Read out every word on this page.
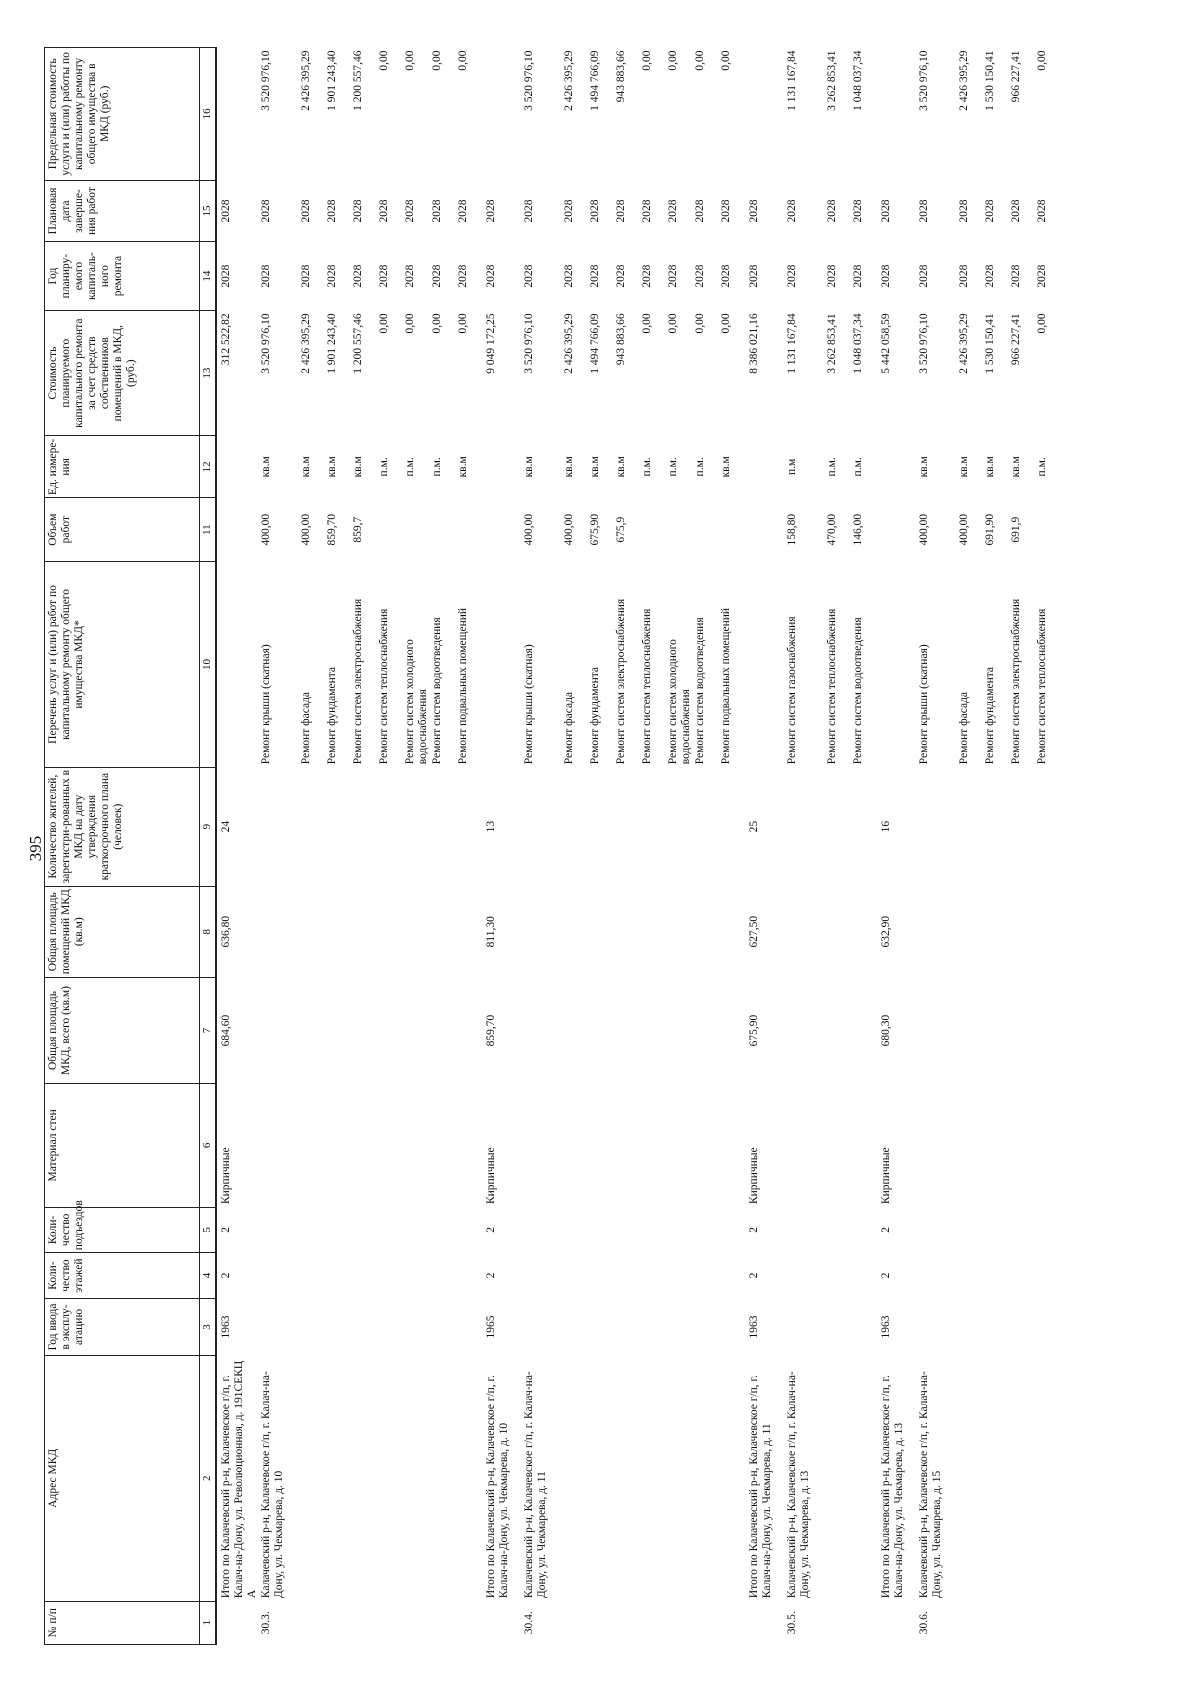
395
№ п/п	Адрес МКД	Год ввода в эксплу-атацию	Коли-чество этажей	Коли-чество подъездов	Материал стен	Общая площадь МКД, всего (кв.м)	Общая площадь помещений МКД (кв.м)	Количество жителей, зарегистри-рованных в МКД на дату утверждения краткосрочного плана (человек)	Перечень услуг и (или) работ по капитальному ремонту общего имущества МКД*	Объем работ	Ед. измере-ния	Стоимость планируемого капитального ремонта за счет средств собственников помещений в МКД, (руб.)	Год планиру-емого капиталь-ного ремонта	Плановая дата заверше-ния работ	Предельная стоимость услуги и (или) работы по капитальному ремонту общего имущества в МКД (руб.)
1	2	3	4	5	6	7	8	9	10	11	12	13	14	15	16
	Итого по Калачевский р-н, Калачевское г/п, г. Калач-на-Дону, ул. Революционная, д. 191СЕКЦ А	1963	2	2	Кирпичные	684,60	636,80	24				312 522,82	2028	2028	
30.3.	Калачевский р-н, Калачевское г/п, г. Калач-на-Дону, ул. Чекмарева, д. 10								Ремонт крыши (скатная)	400,00	кв.м	3 520 976,10	2028	2028	3 520 976,10
									Ремонт фасада	400,00	кв.м	2 426 395,29	2028	2028	2 426 395,29
									Ремонт фундамента	859,70	кв.м	1 901 243,40	2028	2028	1 901 243,40
									Ремонт систем электроснабжения	859,7	кв.м	1 200 557,46	2028	2028	1 200 557,46
									Ремонт систем теплоснабжения		п.м.	0,00	2028	2028	0,00
									Ремонт систем холодного водоснабжения		п.м.	0,00	2028	2028	0,00
									Ремонт систем водоотведения		п.м.	0,00	2028	2028	0,00
									Ремонт подвальных помещений		кв.м	0,00	2028	2028	0,00
	Итого по Калачевский р-н, Калачевское г/п, г. Калач-на-Дону, ул. Чекмарева, д. 10	1965	2	2	Кирпичные	859,70	811,30	13				9 049 172,25	2028	2028	
30.4.	Калачевский р-н, Калачевское г/п, г. Калач-на-Дону, ул. Чекмарева, д. 11								Ремонт крыши (скатная)	400,00	кв.м	3 520 976,10	2028	2028	3 520 976,10
									Ремонт фасада	400,00	кв.м	2 426 395,29	2028	2028	2 426 395,29
									Ремонт фундамента	675,90	кв.м	1 494 766,09	2028	2028	1 494 766,09
									Ремонт систем электроснабжения	675,9	кв.м	943 883,66	2028	2028	943 883,66
									Ремонт систем теплоснабжения		п.м.	0,00	2028	2028	0,00
									Ремонт систем холодного водоснабжения		п.м.	0,00	2028	2028	0,00
									Ремонт систем водоотведения		п.м.	0,00	2028	2028	0,00
									Ремонт подвальных помещений		кв.м	0,00	2028	2028	0,00
	Итого по Калачевский р-н, Калачевское г/п, г. Калач-на-Дону, ул. Чекмарева, д. 11	1963	2	2	Кирпичные	675,90	627,50	25				8 386 021,16	2028	2028	
30.5.	Калачевский р-н, Калачевское г/п, г. Калач-на-Дону, ул. Чекмарева, д. 13								Ремонт систем газоснабжения	158,80	п.м	1 131 167,84	2028	2028	1 131 167,84
									Ремонт систем теплоснабжения	470,00	п.м.	3 262 853,41	2028	2028	3 262 853,41
									Ремонт систем водоотведения	146,00	п.м.	1 048 037,34	2028	2028	1 048 037,34
	Итого по Калачевский р-н, Калачевское г/п, г. Калач-на-Дону, ул. Чекмарева, д. 13	1963	2	2	Кирпичные	680,30	632,90	16				5 442 058,59	2028	2028	
30.6.	Калачевский р-н, Калачевское г/п, г. Калач-на-Дону, ул. Чекмарева, д. 15								Ремонт крыши (скатная)	400,00	кв.м	3 520 976,10	2028	2028	3 520 976,10
									Ремонт фасада	400,00	кв.м	2 426 395,29	2028	2028	2 426 395,29
									Ремонт фундамента	691,90	кв.м	1 530 150,41	2028	2028	1 530 150,41
									Ремонт систем электроснабжения	691,9	кв.м	966 227,41	2028	2028	966 227,41
									Ремонт систем теплоснабжения		п.м.	0,00	2028	2028	0,00
